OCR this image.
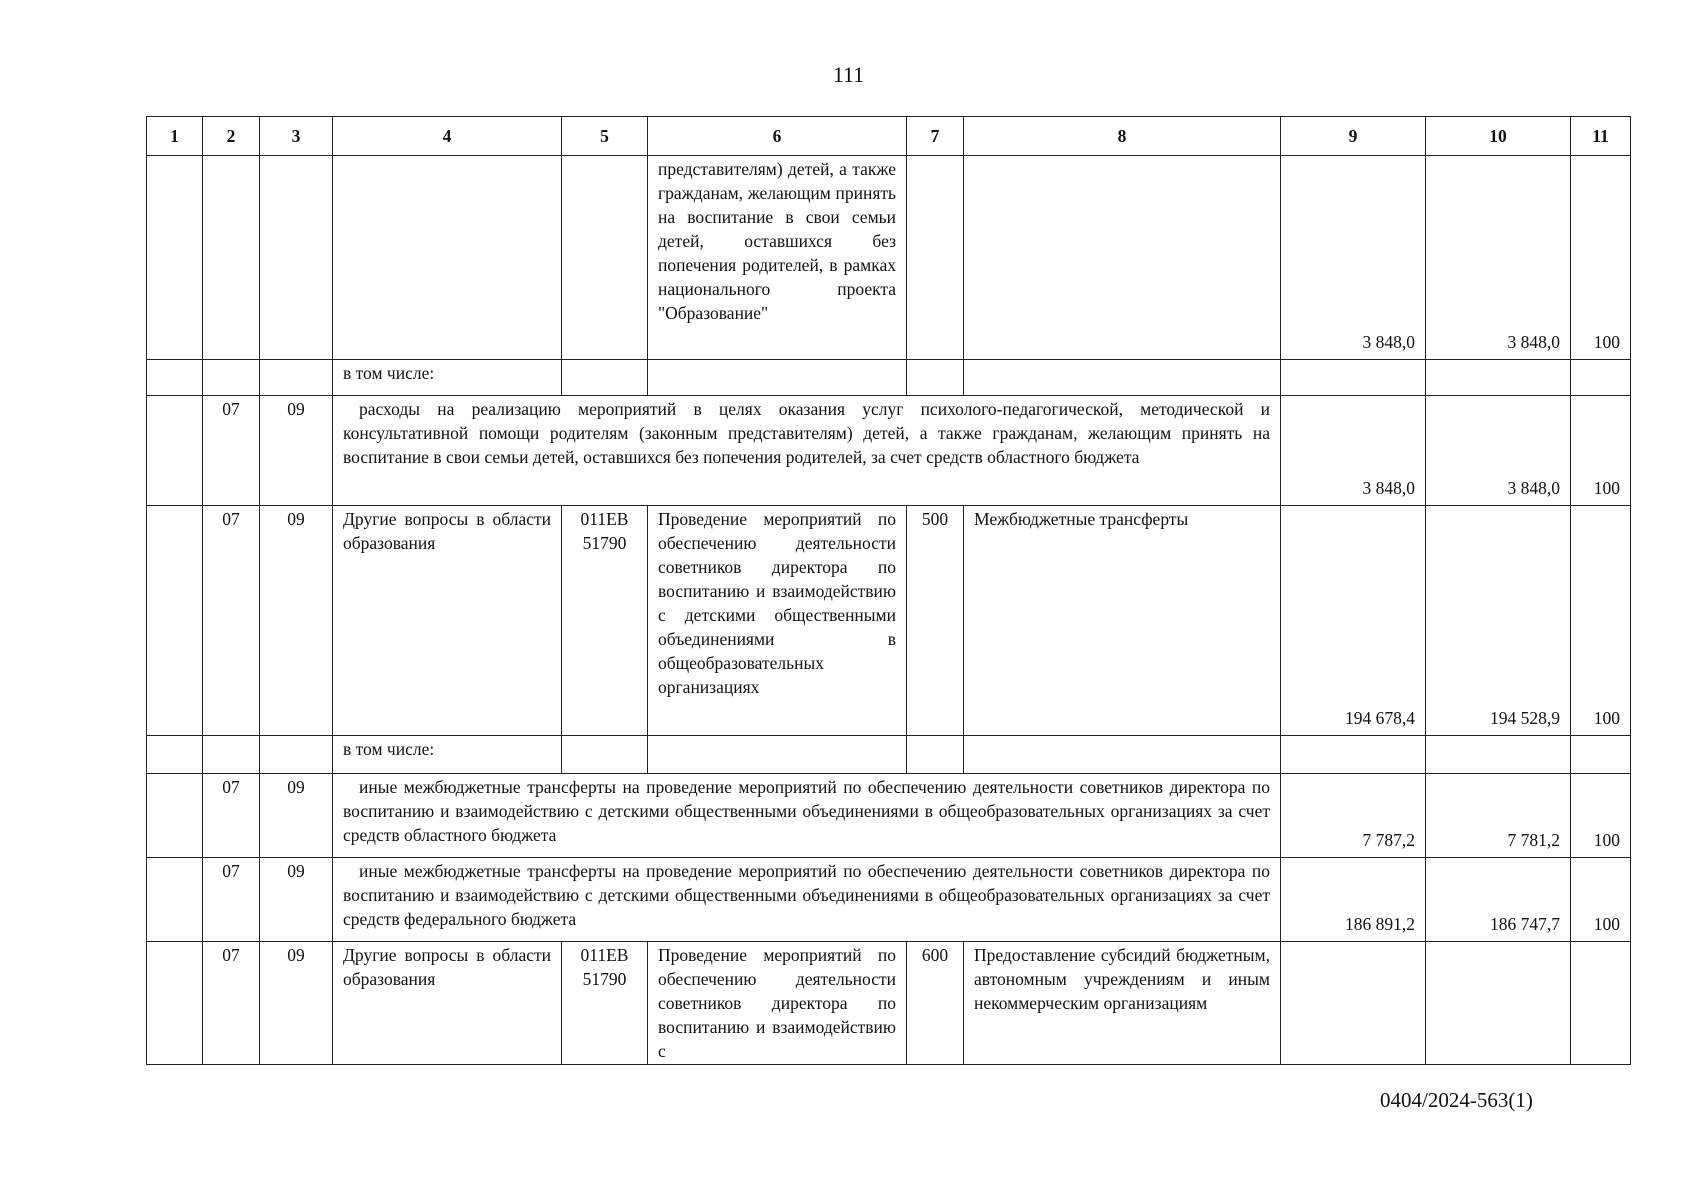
111
1	2	3	4	5	6	7	8	9	10	11
					представителям) детей, а также гражданам, желающим принять на воспитание в свои семьи детей, оставшихся без попечения родителей, в рамках национального проекта "Образование"			3 848,0	3 848,0	100
			в том числе:							
	07	09	расходы на реализацию мероприятий в целях оказания услуг психолого-педагогической, методической и консультативной помощи родителям (законным представителям) детей, а также гражданам, желающим принять на воспитание в свои семьи детей, оставшихся без попечения родителей, за счет средств областного бюджета					3 848,0	3 848,0	100
	07	09	Другие вопросы в области образования	011ЕВ 51790	Проведение мероприятий по обеспечению деятельности советников директора по воспитанию и взаимодействию с детскими общественными объединениями в общеобразовательных организациях	500	Межбюджетные трансферты	194 678,4	194 528,9	100
			в том числе:							
	07	09	иные межбюджетные трансферты на проведение мероприятий по обеспечению деятельности советников директора по воспитанию и взаимодействию с детскими общественными объединениями в общеобразовательных организациях за счет средств областного бюджета					7 787,2	7 781,2	100
	07	09	иные межбюджетные трансферты на проведение мероприятий по обеспечению деятельности советников директора по воспитанию и взаимодействию с детскими общественными объединениями в общеобразовательных организациях за счет средств федерального бюджета					186 891,2	186 747,7	100
	07	09	Другие вопросы в области образования	011ЕВ 51790	Проведение мероприятий по обеспечению деятельности советников директора по воспитанию и взаимодействию с	600	Предоставление субсидий бюджетным, автономным учреждениям и иным некоммерческим организациям			
0404/2024-563(1)
